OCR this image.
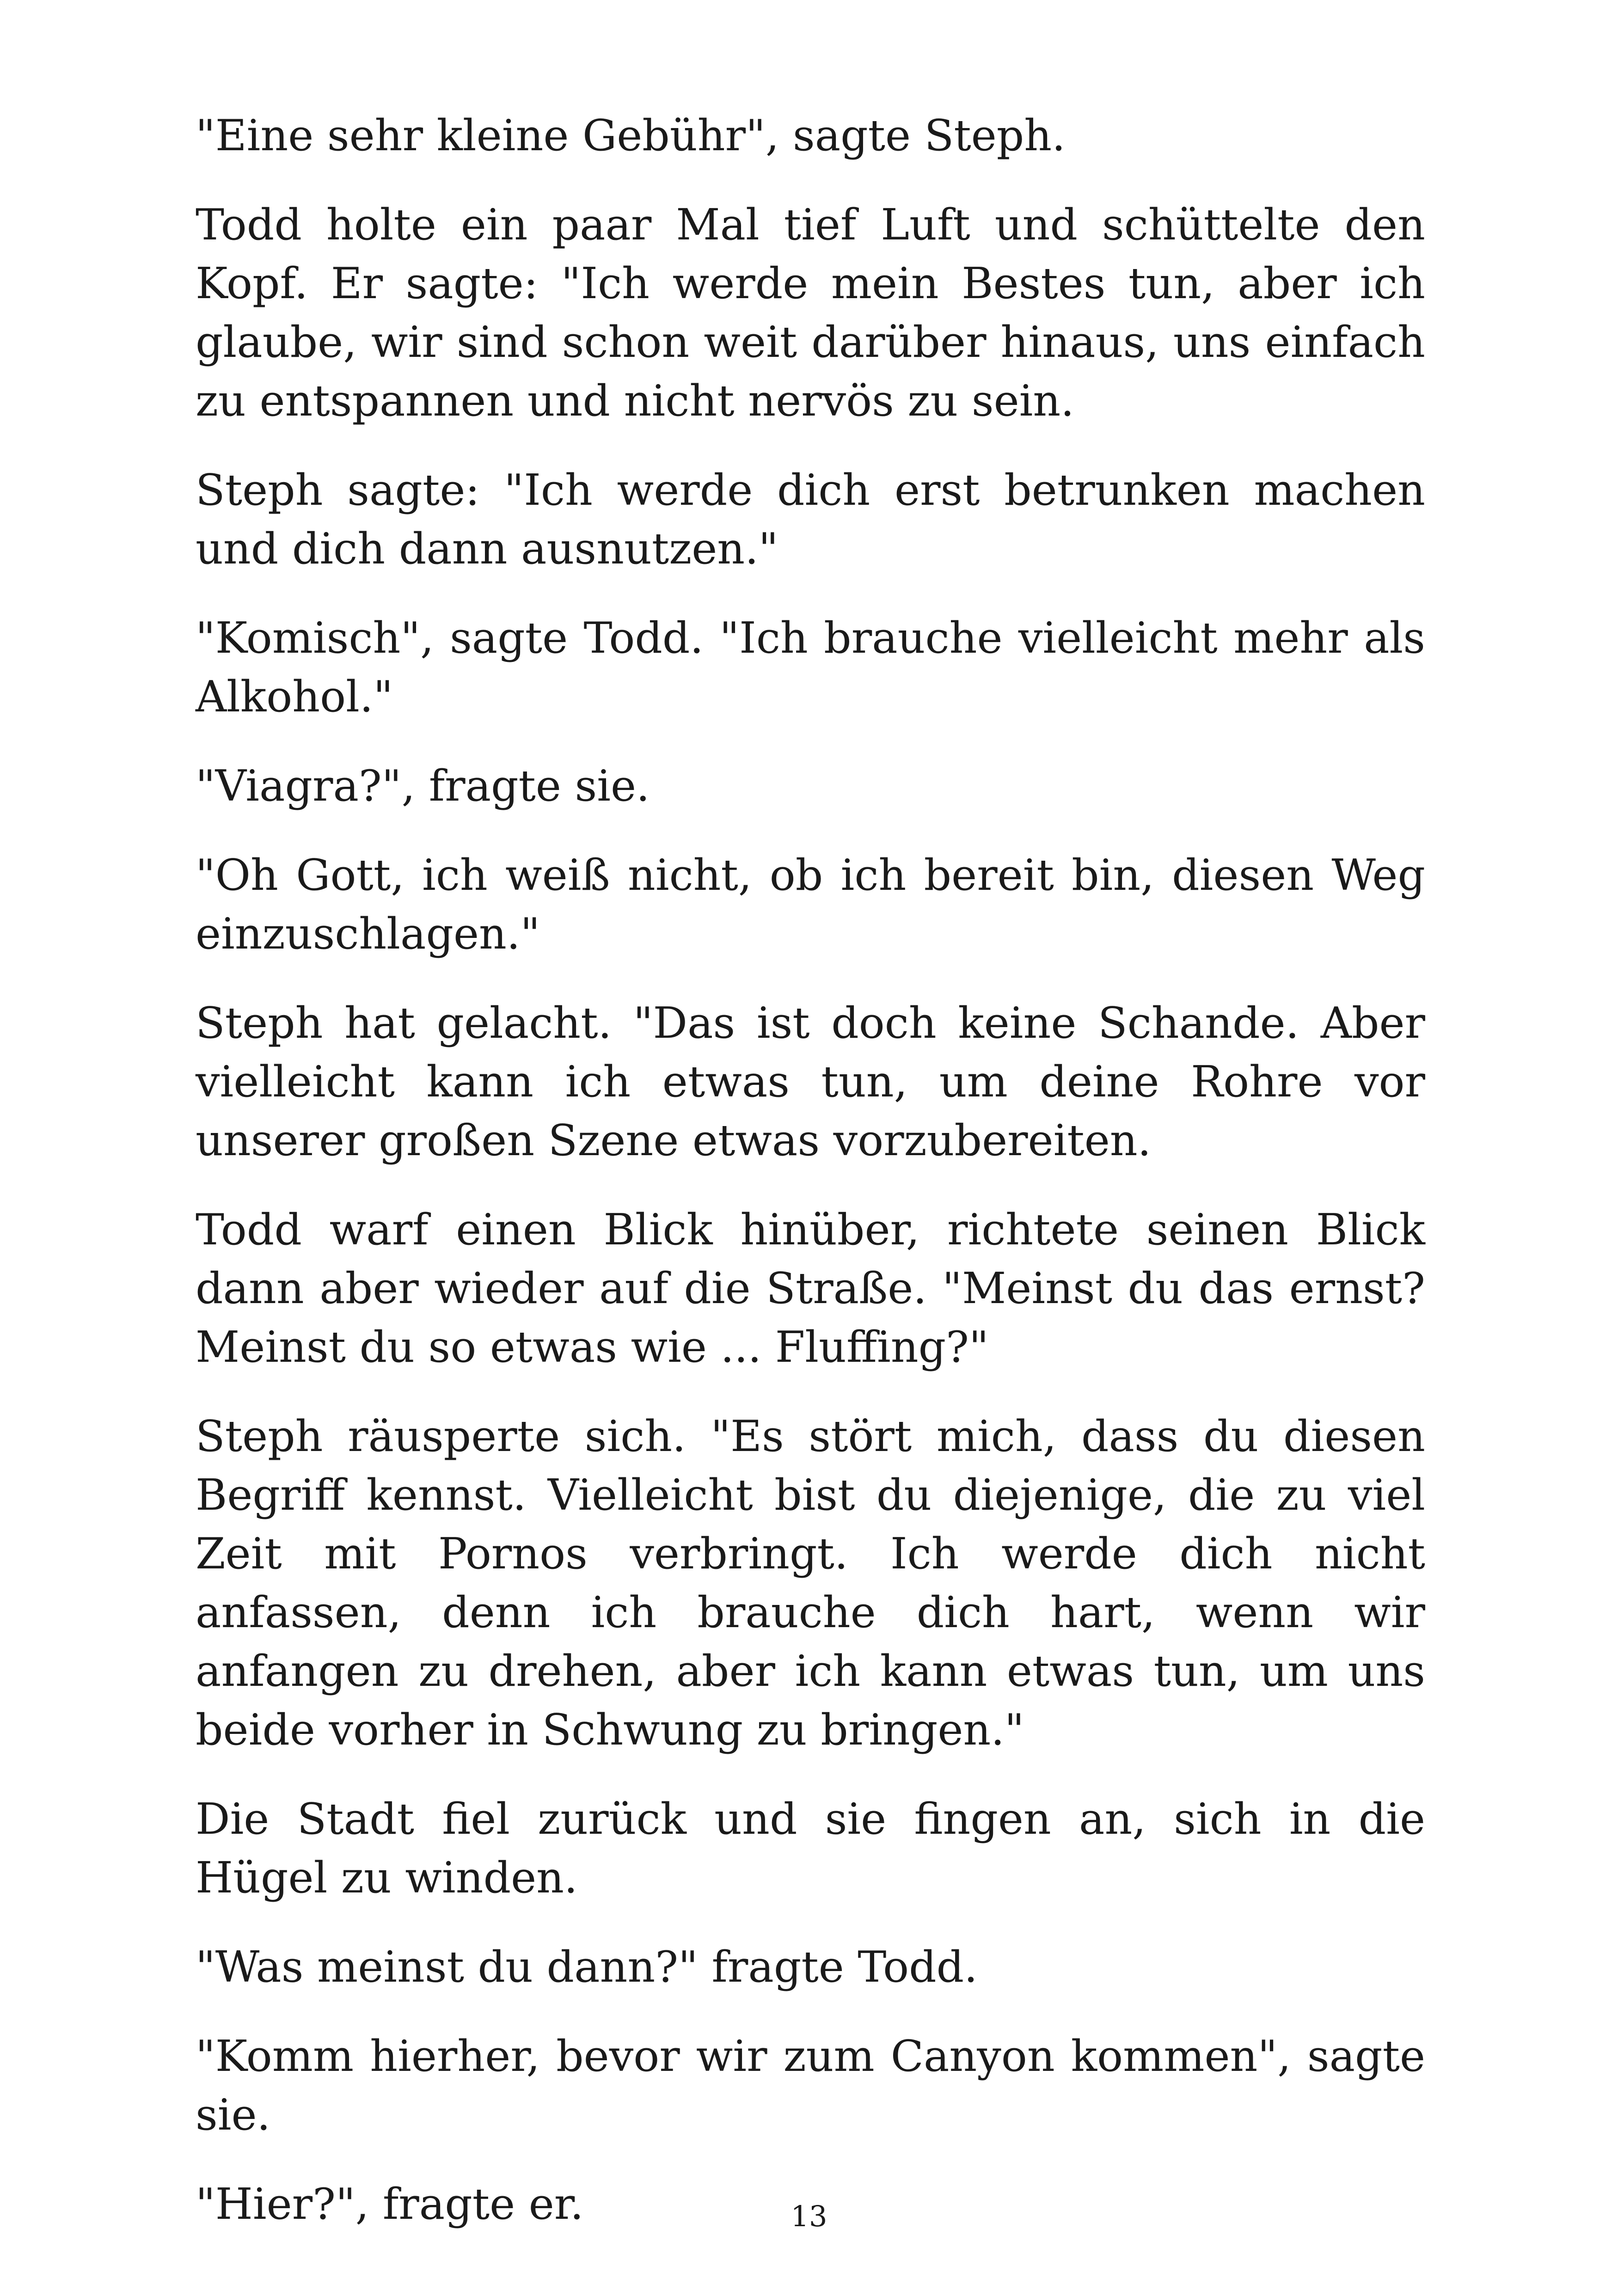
"Eine sehr kleine Gebühr", sagte Steph.

Todd holte ein paar Mal tief Luft und schüttelte den Kopf. Er sagte: "Ich werde mein Bestes tun, aber ich glaube, wir sind schon weit darüber hinaus, uns einfach zu entspannen und nicht nervös zu sein.

Steph sagte: "Ich werde dich erst betrunken machen und dich dann ausnutzen."

"Komisch", sagte Todd. "Ich brauche vielleicht mehr als Alkohol."

"Viagra?", fragte sie.

"Oh Gott, ich weiß nicht, ob ich bereit bin, diesen Weg einzuschlagen."

Steph hat gelacht. "Das ist doch keine Schande. Aber vielleicht kann ich etwas tun, um deine Rohre vor unserer großen Szene etwas vorzubereiten.

Todd warf einen Blick hinüber, richtete seinen Blick dann aber wieder auf die Straße. "Meinst du das ernst? Meinst du so etwas wie ... Fluffing?"

Steph räusperte sich. "Es stört mich, dass du diesen Begriff kennst. Vielleicht bist du diejenige, die zu viel Zeit mit Pornos verbringt. Ich werde dich nicht anfassen, denn ich brauche dich hart, wenn wir anfangen zu drehen, aber ich kann etwas tun, um uns beide vorher in Schwung zu bringen."

Die Stadt fiel zurück und sie fingen an, sich in die Hügel zu winden.

"Was meinst du dann?" fragte Todd.

"Komm hierher, bevor wir zum Canyon kommen", sagte sie.

"Hier?", fragte er.	13
